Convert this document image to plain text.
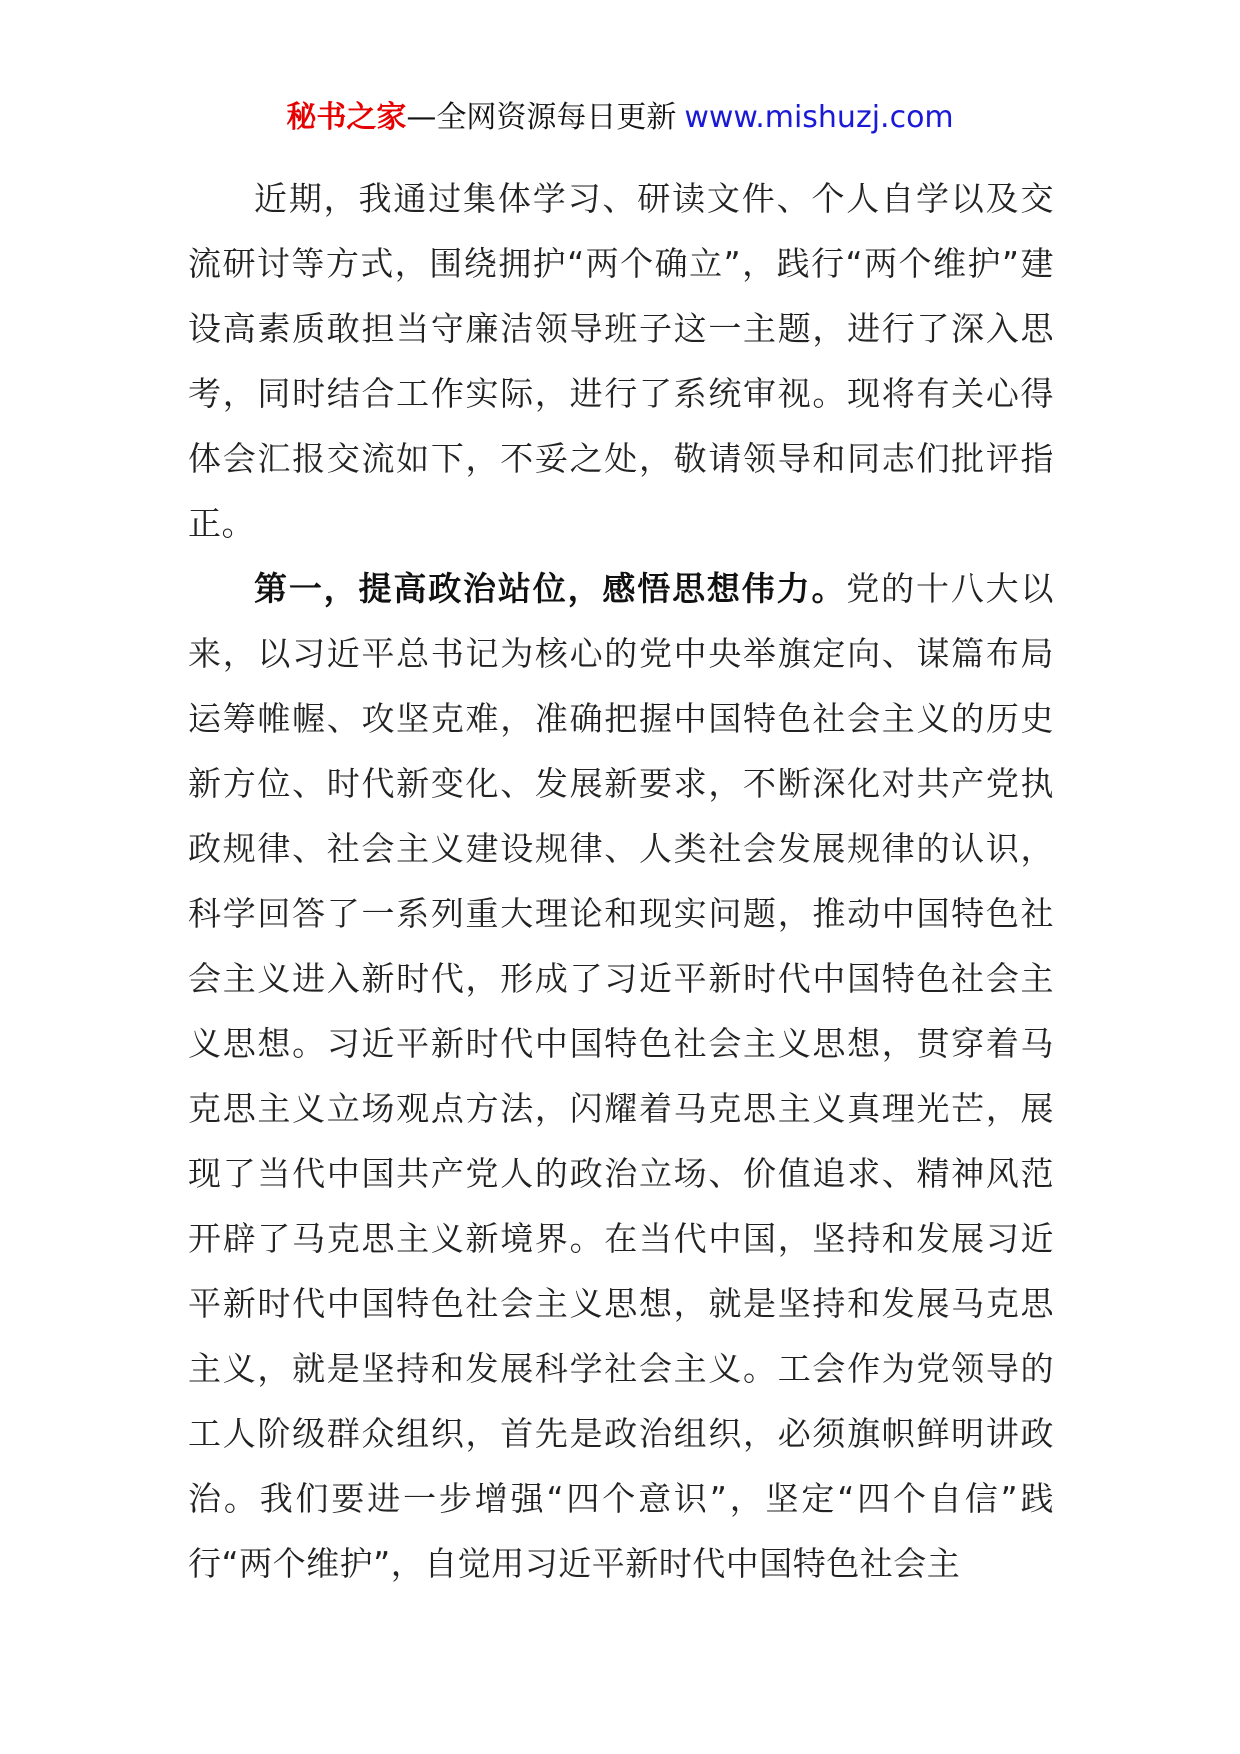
秘书之家—全网资源每日更新 www.mishuzj.com

近期，我通过集体学习、研读文件、个人自学以及交流研讨等方式，围绕拥护“两个确立”，践行“两个维护”建设高素质敢担当守廉洁领导班子这一主题，进行了深入思考，同时结合工作实际，进行了系统审视。现将有关心得体会汇报交流如下，不妥之处，敬请领导和同志们批评指正。

第一，提高政治站位，感悟思想伟力。党的十八大以来，以习近平总书记为核心的党中央举旗定向、谋篇布局运筹帷幄、攻坚克难，准确把握中国特色社会主义的历史新方位、时代新变化、发展新要求，不断深化对共产党执政规律、社会主义建设规律、人类社会发展规律的认识，科学回答了一系列重大理论和现实问题，推动中国特色社会主义进入新时代，形成了习近平新时代中国特色社会主义思想。习近平新时代中国特色社会主义思想，贯穿着马克思主义立场观点方法，闪耀着马克思主义真理光芒，展现了当代中国共产党人的政治立场、价值追求、精神风范开辟了马克思主义新境界。在当代中国，坚持和发展习近平新时代中国特色社会主义思想，就是坚持和发展马克思主义，就是坚持和发展科学社会主义。工会作为党领导的工人阶级群众组织，首先是政治组织，必须旗帜鲜明讲政治。我们要进一步增强“四个意识”，坚定“四个自信”践行“两个维护”，自觉用习近平新时代中国特色社会主
